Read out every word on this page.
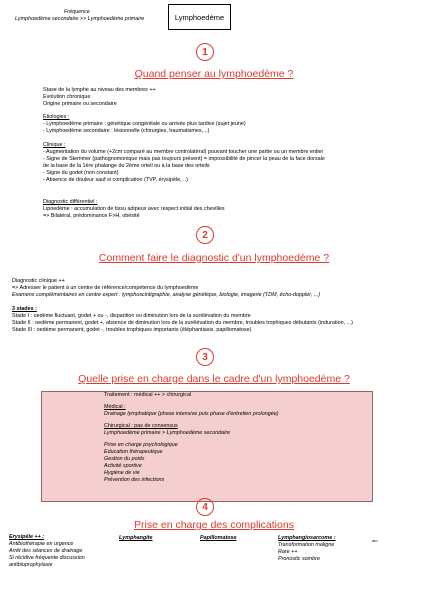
Fréquence
Lymphoedème secondaire >> Lymphoedème primaire	Lymphoedème
1
Quand penser au lymphoedème ?
Stase de la lymphe au niveau des membres ++
Evolution chronique
Origine primaire ou secondaire
Etiologies :
- Lymphoedème primaire : génétique congénitale ou arrivée plus tardive (sujet jeune)
- Lymphoedème secondaire : lésionnelle (chirurgies, traumatismes, ..)
Clinique :
- Augmentation du volume (+2cm comparé au membre controlatéral) pouvant toucher une partie ou un membre entier
- Signe de Stemmer (pathognomonique mais pas toujours présent) = impossibilité de pincer la peau de la face dorsale
de la base de la 1ère phalange du 2ème orteil ou à la base des orteils
- Signe du godet (non constant)
- Absence de douleur sauf si complication (TVP, érysipèle, ..)
Diagnostic différentiel :
Lipoedème : accumulation de tissu adipeux avec respect initial des chevilles
=> Bilatéral, prédominance F>H, obésité
2
Comment faire le diagnostic d'un lymphoedème ?
Diagnostic clinique ++
=> Adresser le patient à un centre de référence/compétence du lymphoedème
Examens complémentaires en centre expert : lymphoscintigraphie, analyse génétique, biologie, imagerie (TDM, écho-doppler, ...)
3 stades :
Stade I : oedème fluctuant, godet + ou -, disparition ou diminution lors de la surélévation du membre
Stade II : oedème permanent, godet +, absence de diminution lors de la surélévation du membre, troubles trophiques débutants (induration, ...)
Stade III : oedème permanent, godet -, troubles trophiques importants (éléphantiasis, papillomatose)
3
Quelle prise en charge dans le cadre d'un lymphoedème ?
Traitement : médical ++ > chirurgical
Médical :
Drainage lymphatique (phase intensive puis phase d'entretien prolongée)
Chirurgical : pas de consensus
Lymphoedème primaire > Lymphoedème secondaire
Prise en charge psychologique
Education thérapeutique
Gestion du poids
Activité sportive
Hygiène de vie
Prévention des infections
4
Prise en charge des complications
Erysipèle ++ :
Antibiothérapie en urgence
Arrêt des séances de drainage
Si récidive fréquente discussion
antibioprophylaxie
Lymphangite	Papillomatose	Lymphangiosarcome :
Transformation maligne
Rare ++
Pronostic sombre
am
